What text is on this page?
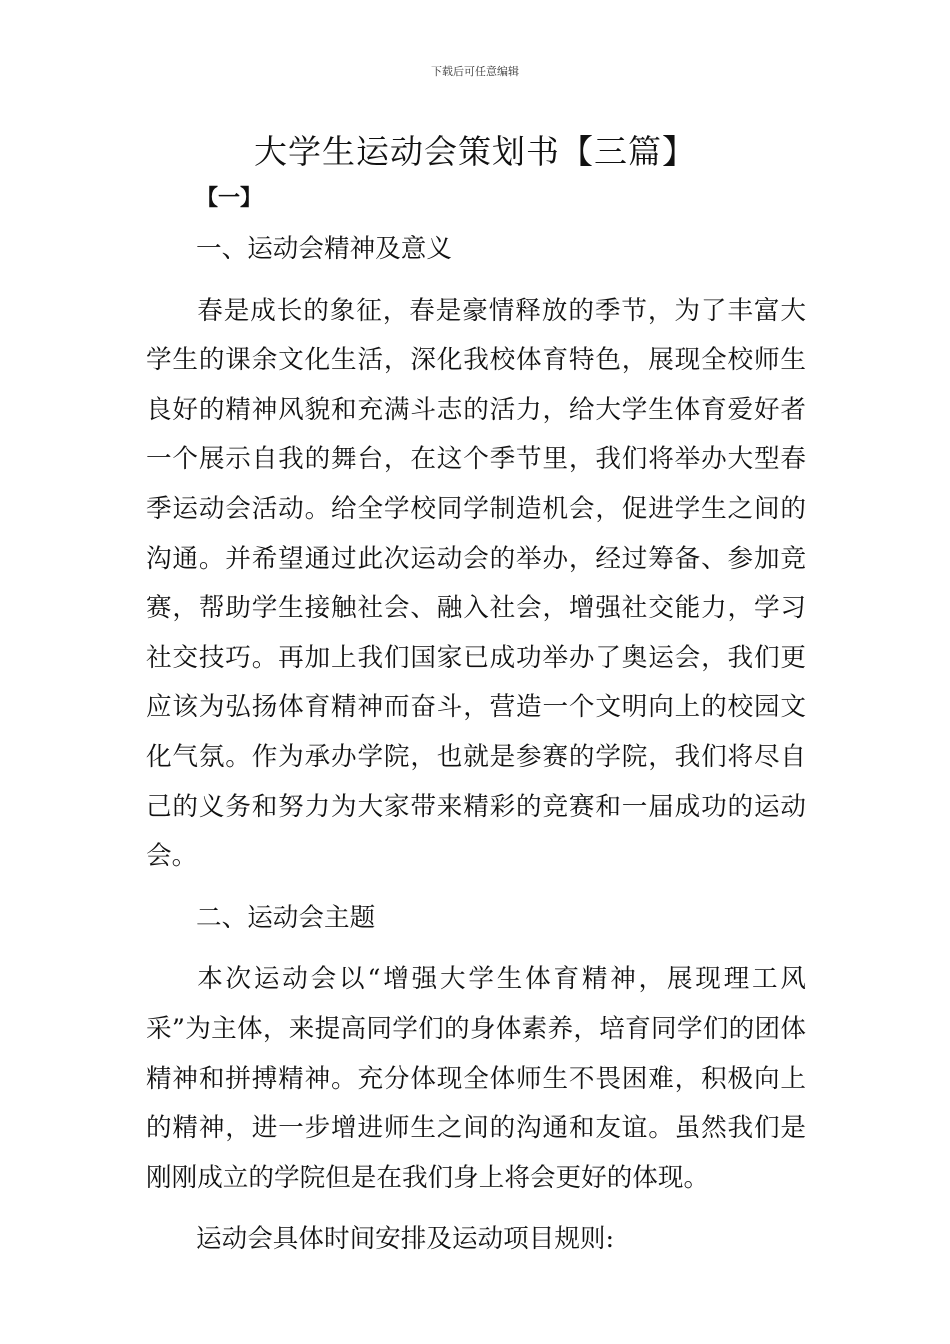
下载后可任意编辑
大学生运动会策划书【三篇】
【一】

一、运动会精神及意义

春是成长的象征，春是豪情释放的季节，为了丰富大学生的课余文化生活，深化我校体育特色，展现全校师生良好的精神风貌和充满斗志的活力，给大学生体育爱好者一个展示自我的舞台，在这个季节里，我们将举办大型春季运动会活动。给全学校同学制造机会，促进学生之间的沟通。并希望通过此次运动会的举办，经过筹备、参加竞赛，帮助学生接触社会、融入社会，增强社交能力，学习社交技巧。再加上我们国家已成功举办了奥运会，我们更应该为弘扬体育精神而奋斗，营造一个文明向上的校园文化气氛。作为承办学院，也就是参赛的学院，我们将尽自己的义务和努力为大家带来精彩的竞赛和一届成功的运动会。

二、运动会主题

本次运动会以“增强大学生体育精神，展现理工风采”为主体，来提高同学们的身体素养，培育同学们的团体精神和拼搏精神。充分体现全体师生不畏困难，积极向上的精神，进一步增进师生之间的沟通和友谊。虽然我们是刚刚成立的学院但是在我们身上将会更好的体现。

运动会具体时间安排及运动项目规则:
